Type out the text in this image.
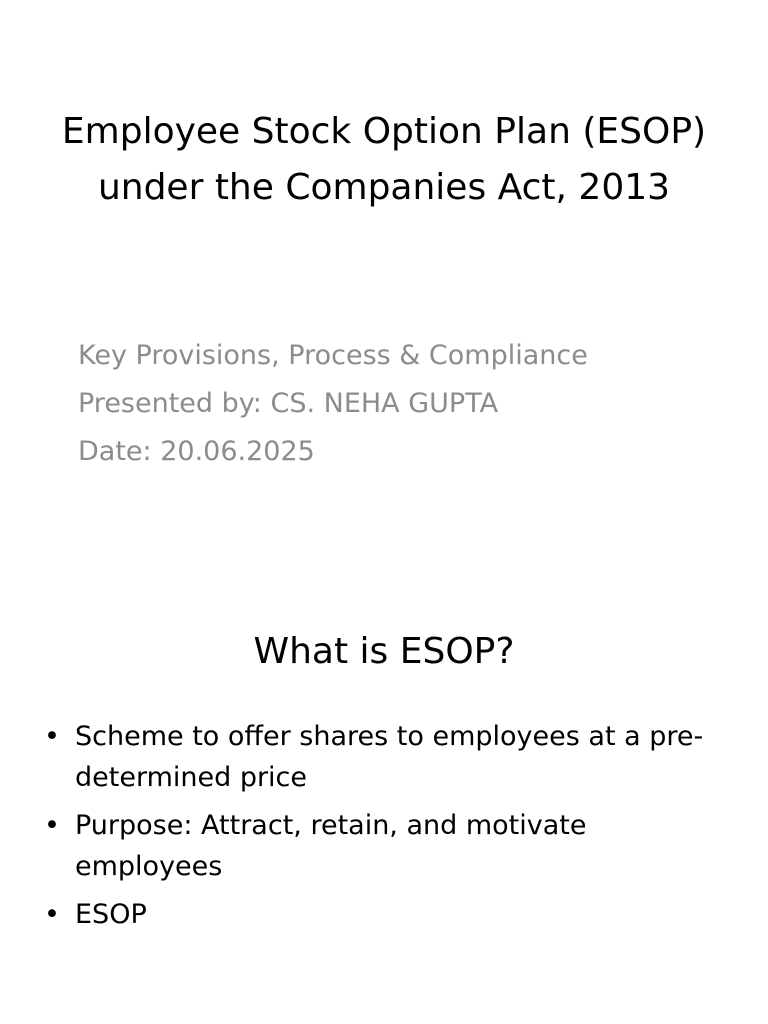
Employee Stock Option Plan (ESOP) under the Companies Act, 2013
Key Provisions, Process & Compliance
Presented by: CS. NEHA GUPTA
Date: 20.06.2025
What is ESOP?
• Scheme to offer shares to employees at a pre-determined price
• Purpose: Attract, retain, and motivate employees
• ESOP
